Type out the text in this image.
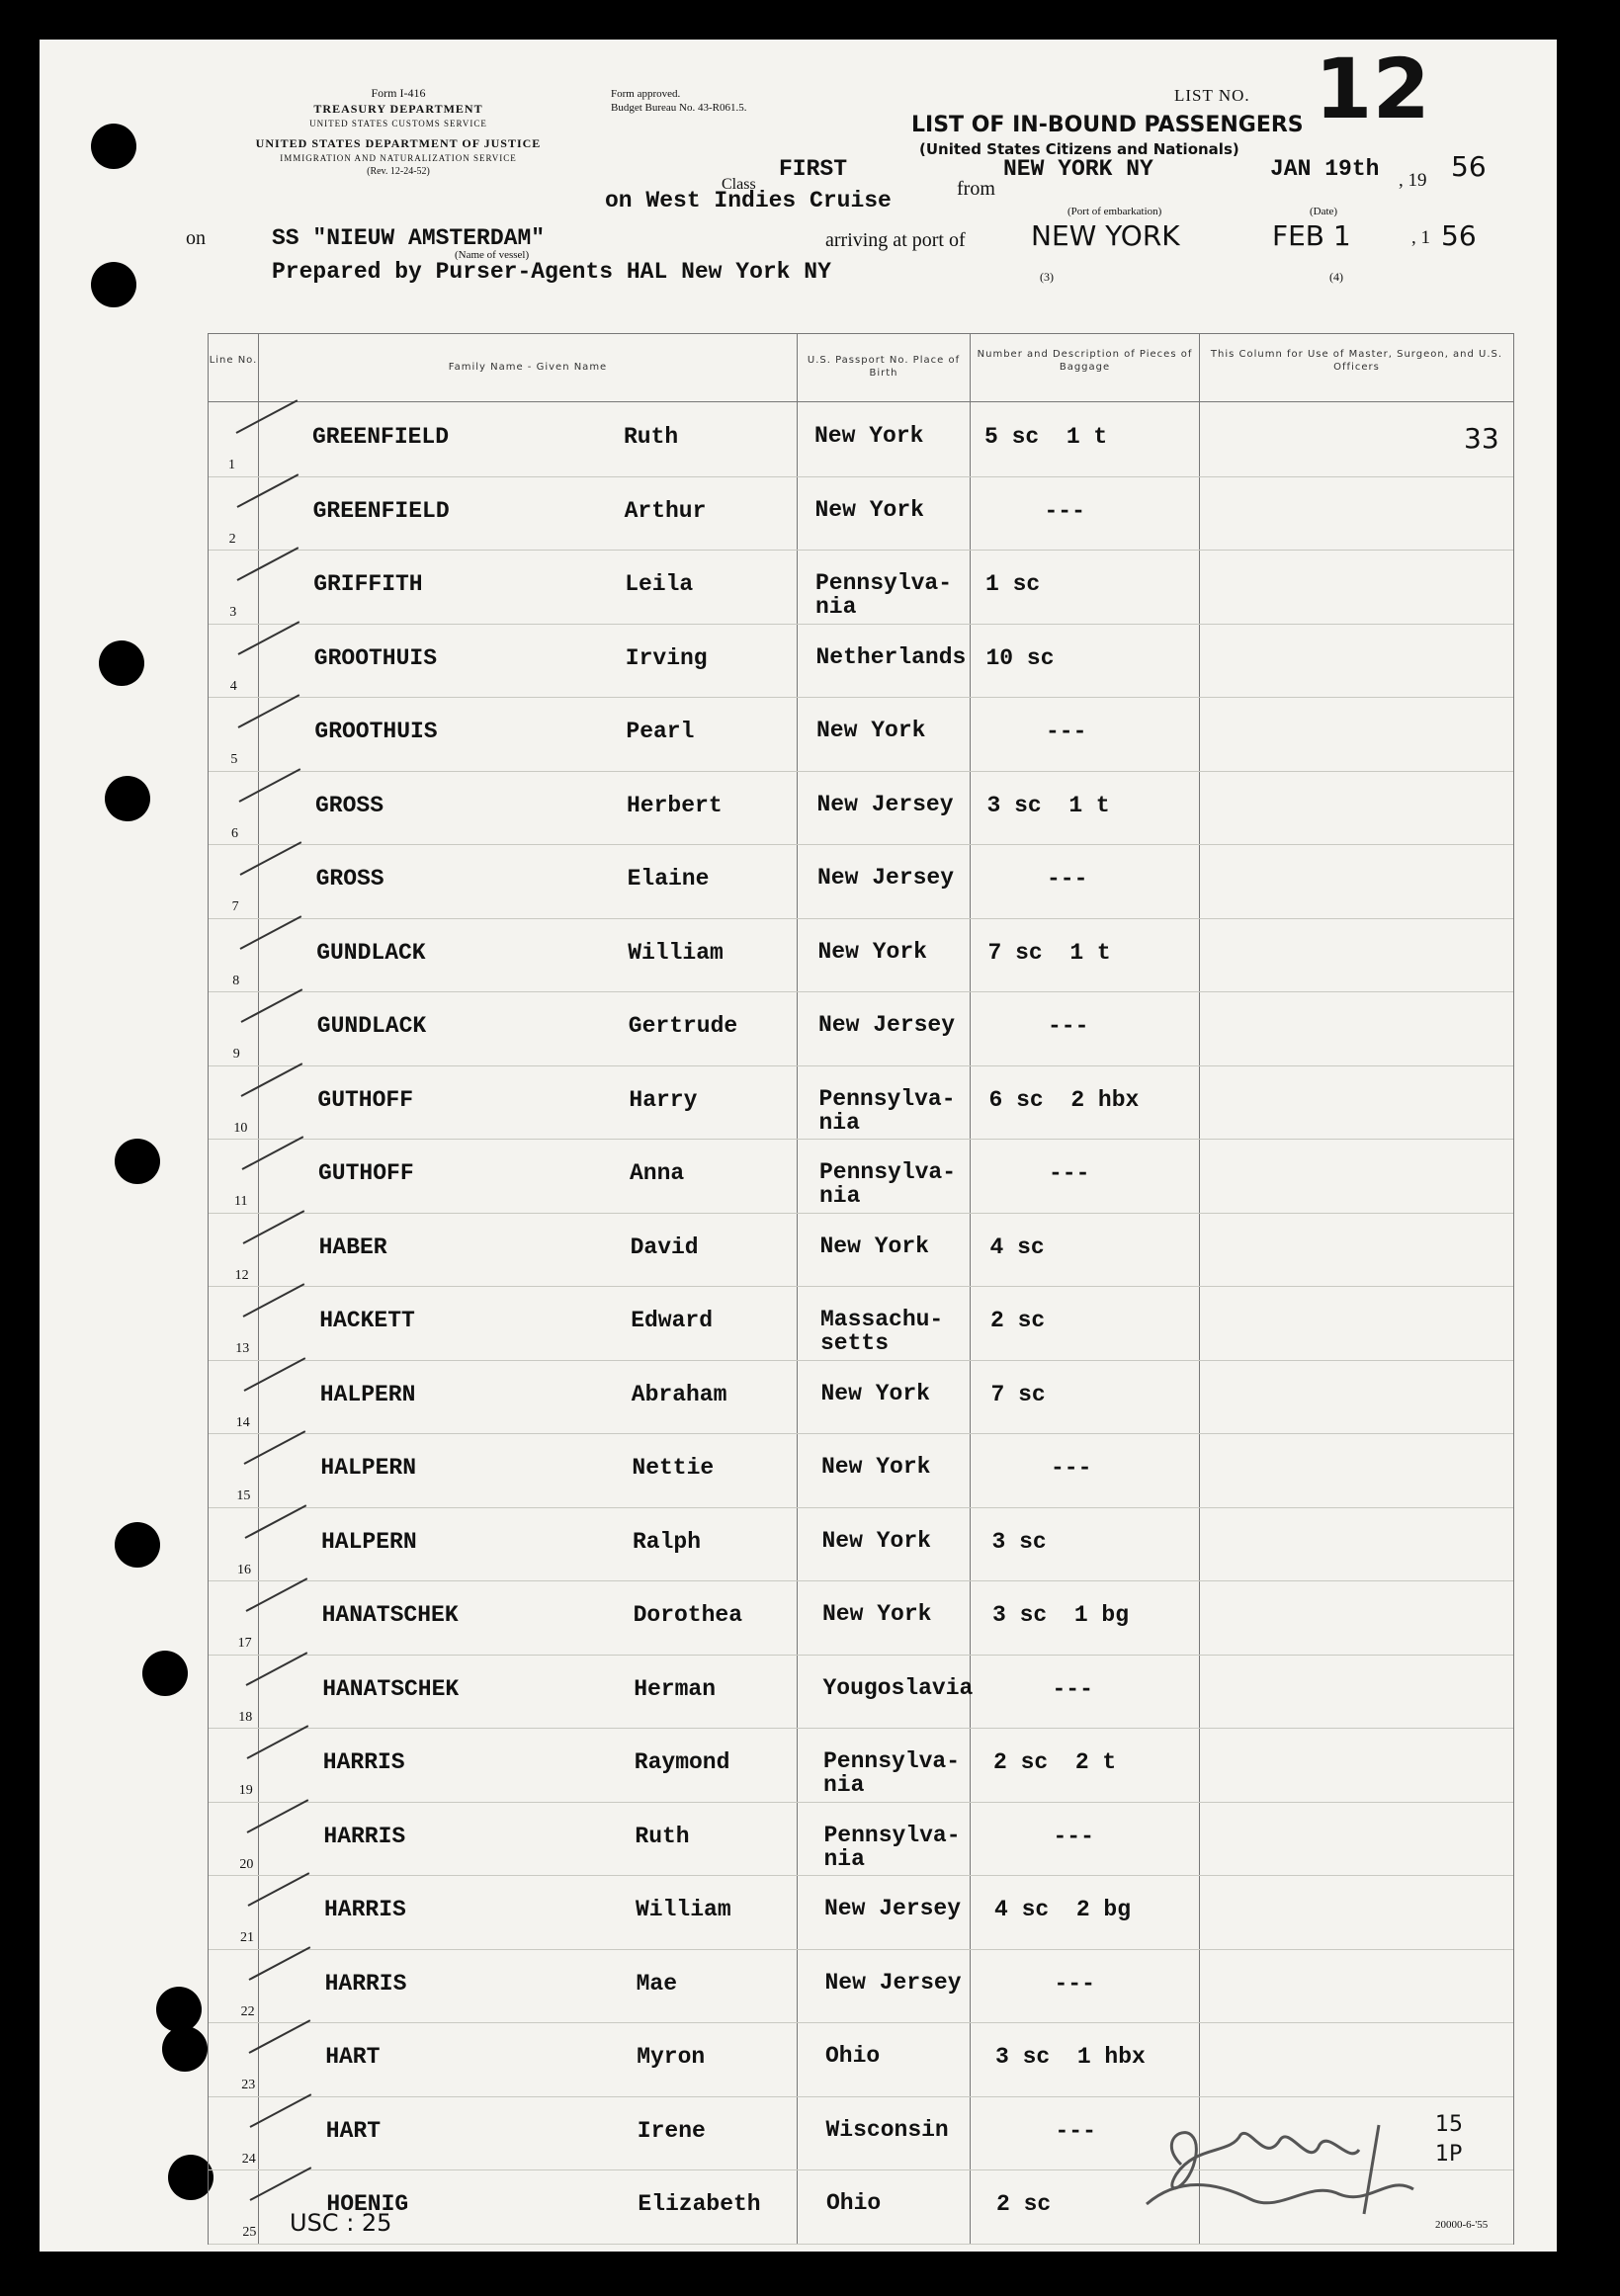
Form I-416
TREASURY DEPARTMENT
UNITED STATES CUSTOMS SERVICE
UNITED STATES DEPARTMENT OF JUSTICE
IMMIGRATION AND NATURALIZATION SERVICE
(Rev. 12-24-52)
Form approved.
Budget Bureau No. 43-R061.5.
LIST NO. 12
LIST OF IN-BOUND PASSENGERS
(United States Citizens and Nationals)
FIRST
Class	from
NEW YORK NY
(Port of embarkation)
JAN 19th
(Date)
, 19 56
on West Indies Cruise
on	SS "NIEUW AMSTERDAM"
(Name of vessel)
arriving at port of NEW YORK	FEB 1	, 1 56
Prepared by Purser-Agents HAL New York NY	(3)	(4)
Line No.
Family Name - Given Name
U.S. Passport No. Place of Birth
Number and Description of Pieces of Baggage
This Column for Use of Master, Surgeon, and U.S. Officers
1
GREENFIELD	Ruth	New York	5 sc  1 t	33
2
GREENFIELD	Arthur	New York	---
3
GRIFFITH	Leila	Pennsylva-
nia
1 sc
4
GROOTHUIS	Irving	Netherlands 10 sc
5
GROOTHUIS	Pearl	New York	---
6
GROSS	Herbert	New Jersey 3 sc  1 t
7
GROSS	Elaine	New Jersey	---
8
GUNDLACK	William	New York	7 sc  1 t
9
GUNDLACK	Gertrude	New Jersey	---
10
GUTHOFF	Harry	Pennsylva-
nia
6 sc  2 hbx
11
GUTHOFF	Anna	Pennsylva-
nia
---
12
HABER	David	New York	4 sc
13
HACKETT	Edward	Massachu-
setts
2 sc
14
HALPERN	Abraham	New York	7 sc
15
HALPERN	Nettie	New York	---
16
HALPERN	Ralph	New York	3 sc
17
HANATSCHEK	Dorothea	New York	3 sc  1 bg
18
HANATSCHEK	Herman	Yougoslavia	---
19
HARRIS	Raymond	Pennsylva-
nia
2 sc  2 t
20
HARRIS	Ruth	Pennsylva-
nia
---
21
HARRIS	William	New Jersey 4 sc  2 bg
22
HARRIS	Mae	New Jersey	---
23
HART	Myron	Ohio	3 sc  1 hbx
24
HART	Irene	Wisconsin	---
25
HOENIG	Elizabeth	Ohio	2 sc
USC : 25	20000-6-'55
15
1P
